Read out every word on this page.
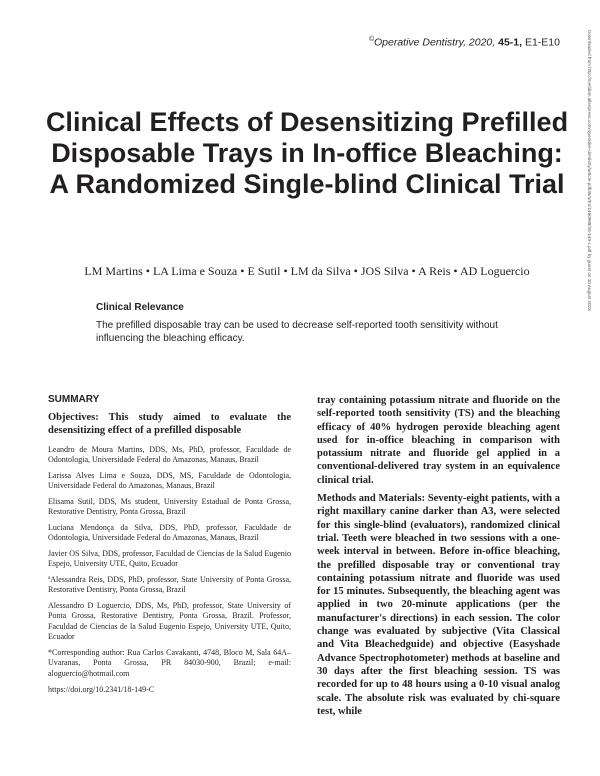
©Operative Dentistry, 2020, 45-1, E1-E10
Clinical Effects of Desensitizing Prefilled Disposable Trays in In-office Bleaching: A Randomized Single-blind Clinical Trial
LM Martins • LA Lima e Souza • E Sutil • LM da Silva • JOS Silva • A Reis • AD Loguercio
Clinical Relevance
The prefilled disposable tray can be used to decrease self-reported tooth sensitivity without influencing the bleaching efficacy.
SUMMARY

Objectives: This study aimed to evaluate the desensitizing effect of a prefilled disposable

Leandro de Moura Martins, DDS, Ms, PhD, professor, Faculdade de Odontologia, Universidade Federal do Amazonas, Manaus, Brazil

Larissa Alves Lima e Souza, DDS, MS, Faculdade de Odontologia, Universidade Federal do Amazonas, Manaus, Brazil

Elisama Sutil, DDS, Ms student, University Estadual de Ponta Grossa, Restorative Dentistry, Ponta Grossa, Brazil

Luciana Mendonça da Silva, DDS, PhD, professor, Faculdade de Odontologia, Universidade Federal do Amazonas, Manaus, Brazil

Javier OS Silva, DDS, professor, Faculdad de Ciencias de la Salud Eugenio Espejo, University UTE, Quito, Ecuador

ªAlessandra Reis, DDS, PhD, professor, State University of Ponta Grossa, Restorative Dentistry, Ponta Grossa, Brazil

Alessandro D Loguercio, DDS, Ms, PhD, professor, State University of Ponta Grossa, Restorative Dentistry, Ponta Grossa, Brazil. Professor, Faculdad de Ciencias de la Salud Eugenio Espejo, University UTE, Quito, Ecuador

*Corresponding author: Rua Carlos Cavakanti, 4748, Bloco M, Sala 64A–Uvaranas, Ponta Grossa, PR 84030-900, Brazil; e-mail: aloguercio@hotmail.com

https://doi.org/10.2341/18-149-C

tray containing potassium nitrate and fluoride on the self-reported tooth sensitivity (TS) and the bleaching efficacy of 40% hydrogen peroxide bleaching agent used for in-office bleaching in comparison with potassium nitrate and fluoride gel applied in a conventional-delivered tray system in an equivalence clinical trial.

Methods and Materials: Seventy-eight patients, with a right maxillary canine darker than A3, were selected for this single-blind (evaluators), randomized clinical trial. Teeth were bleached in two sessions with a one-week interval in between. Before in-office bleaching, the prefilled disposable tray or conventional tray containing potassium nitrate and fluoride was used for 15 minutes. Subsequently, the bleaching agent was applied in two 20-minute applications (per the manufacturer's directions) in each session. The color change was evaluated by subjective (Vita Classical and Vita Bleachedguide) and objective (Easyshade Advance Spectrophotometer) methods at baseline and 30 days after the first bleaching session. TS was recorded for up to 48 hours using a 0-10 visual analog scale. The absolute risk was evaluated by chi-square test, while

Downloaded from http://meridian.allenpress.com/operative-dentistry/article-pdf/45/1/E1/1460988/18-149-c.pdf by guest on 10 August 2023
